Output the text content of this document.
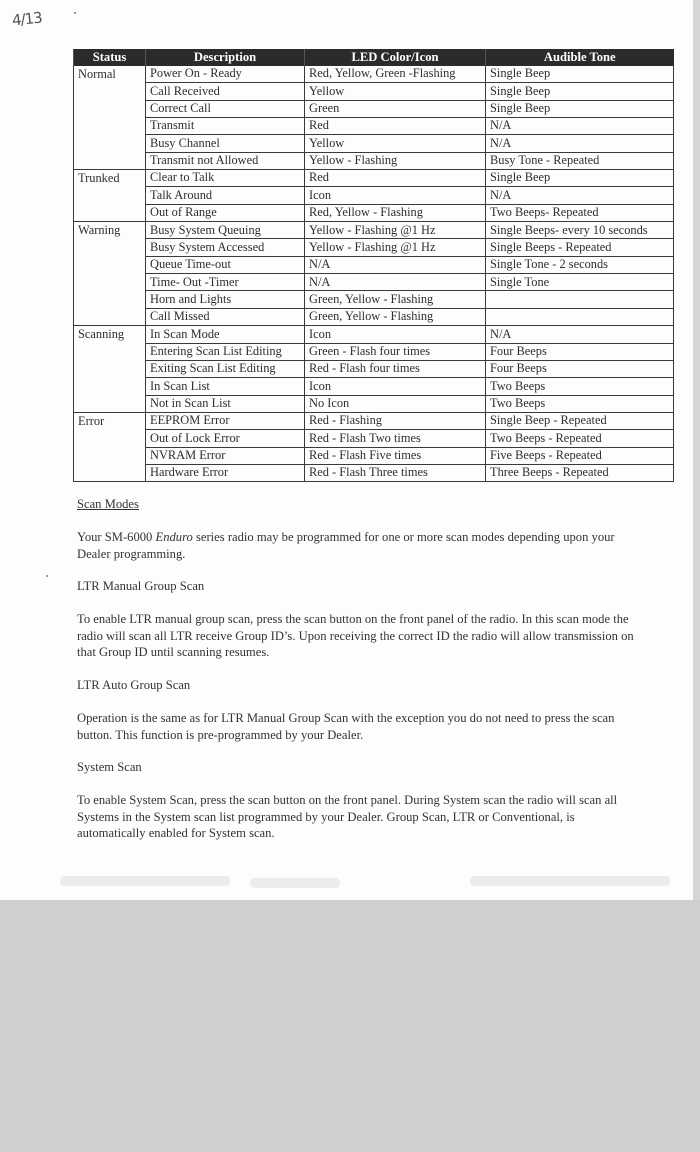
4/13
Status	Description	LED Color/Icon	Audible Tone
Normal	Power On - Ready	Red, Yellow, Green -Flashing	Single Beep
	Call Received	Yellow	Single Beep
	Correct Call	Green	Single Beep
	Transmit	Red	N/A
	Busy Channel	Yellow	N/A
	Transmit not Allowed	Yellow - Flashing	Busy Tone - Repeated
Trunked	Clear to Talk	Red	Single Beep
	Talk Around	Icon	N/A
	Out of Range	Red, Yellow - Flashing	Two Beeps- Repeated
Warning	Busy System Queuing	Yellow - Flashing @1 Hz	Single Beeps- every 10 seconds
	Busy System Accessed	Yellow - Flashing @1 Hz	Single Beeps - Repeated
	Queue Time-out	N/A	Single Tone - 2 seconds
	Time- Out -Timer	N/A	Single Tone
	Horn and Lights	Green, Yellow - Flashing	
	Call Missed	Green, Yellow - Flashing	
Scanning	In Scan Mode	Icon	N/A
	Entering Scan List Editing	Green - Flash four times	Four Beeps
	Exiting Scan List Editing	Red - Flash four times	Four Beeps
	In Scan List	Icon	Two Beeps
	Not in Scan List	No Icon	Two Beeps
Error	EEPROM Error	Red - Flashing	Single Beep - Repeated
	Out of Lock Error	Red - Flash Two times	Two Beeps - Repeated
	NVRAM Error	Red - Flash Five times	Five Beeps - Repeated
	Hardware Error	Red - Flash Three times	Three Beeps - Repeated
Scan Modes
Your SM-6000 Enduro series radio may be programmed for one or more scan modes depending upon your Dealer programming.
LTR Manual Group Scan
To enable LTR manual group scan, press the scan button on the front panel of the radio. In this scan mode the radio will scan all LTR receive Group ID’s. Upon receiving the correct ID the radio will allow transmission on that Group ID until scanning resumes.
LTR Auto Group Scan
Operation is the same as for LTR Manual Group Scan with the exception you do not need to press the scan button. This function is pre-programmed by your Dealer.
System Scan
To enable System Scan, press the scan button on the front panel. During System scan the radio will scan all Systems in the System scan list programmed by your Dealer. Group Scan, LTR or Conventional, is automatically enabled for System scan.
